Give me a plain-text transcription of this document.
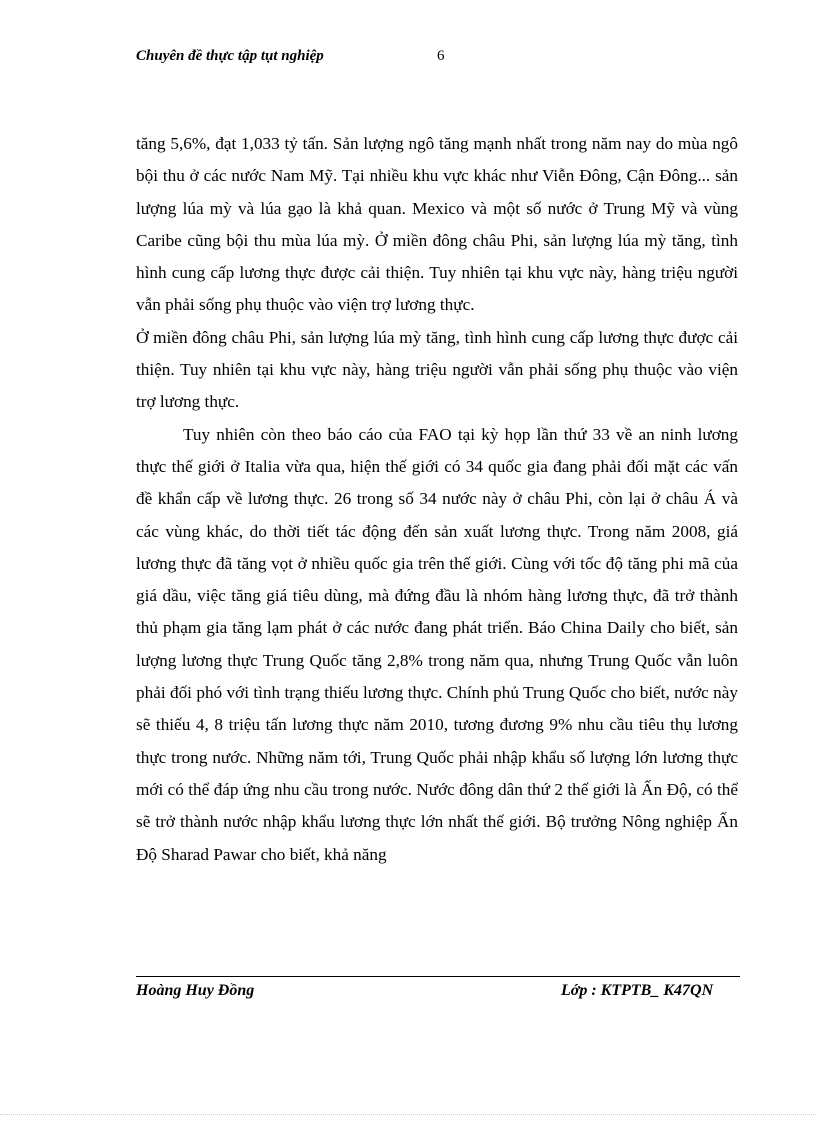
Chuyên đề thực tập tụt nghiệp	6

tăng 5,6%, đạt 1,033 tỷ tấn. Sản lượng ngô tăng mạnh nhất trong năm nay do mùa ngô bội thu ở các nước Nam Mỹ. Tại nhiều khu vực khác như Viễn Đông, Cận Đông... sản lượng lúa mỳ và lúa gạo là khả quan. Mexico và một số nước ở Trung Mỹ và vùng Caribe cũng bội thu mùa lúa mỳ. Ở miền đông châu Phi, sản lượng lúa mỳ tăng, tình hình cung cấp lương thực được cải thiện. Tuy nhiên tại khu vực này, hàng triệu người vẫn phải sống phụ thuộc vào viện trợ lương thực.

Ở miền đông châu Phi, sản lượng lúa mỳ tăng, tình hình cung cấp lương thực được cải thiện. Tuy nhiên tại khu vực này, hàng triệu người vẫn phải sống phụ thuộc vào viện trợ lương thực.

Tuy nhiên còn theo báo cáo của FAO tại kỳ họp lần thứ 33 về an ninh lương thực thế giới ở Italia vừa qua, hiện thế giới có 34 quốc gia đang phải đối mặt các vấn đề khẩn cấp về lương thực. 26 trong số 34 nước này ở châu Phi, còn lại ở châu Á và các vùng khác, do thời tiết tác động đến sản xuất lương thực. Trong năm 2008, giá lương thực đã tăng vọt ở nhiều quốc gia trên thế giới. Cùng với tốc độ tăng phi mã của giá dầu, việc tăng giá tiêu dùng, mà đứng đầu là nhóm hàng lương thực, đã trở thành thủ phạm gia tăng lạm phát ở các nước đang phát triển. Báo China Daily cho biết, sản lượng lương thực Trung Quốc tăng 2,8% trong năm qua, nhưng Trung Quốc vẫn luôn phải đối phó với tình trạng thiếu lương thực. Chính phủ Trung Quốc cho biết, nước này sẽ thiếu 4, 8 triệu tấn lương thực năm 2010, tương đương 9% nhu cầu tiêu thụ lương thực trong nước. Những năm tới, Trung Quốc phải nhập khẩu số lượng lớn lương thực mới có thể đáp ứng nhu cầu trong nước. Nước đông dân thứ 2 thế giới là Ấn Độ, có thể sẽ trở thành nước nhập khẩu lương thực lớn nhất thế giới. Bộ trưởng Nông nghiệp Ấn Độ Sharad Pawar cho biết, khả năng

Hoàng Huy Đồng	Lớp : KTPTB_ K47QN
